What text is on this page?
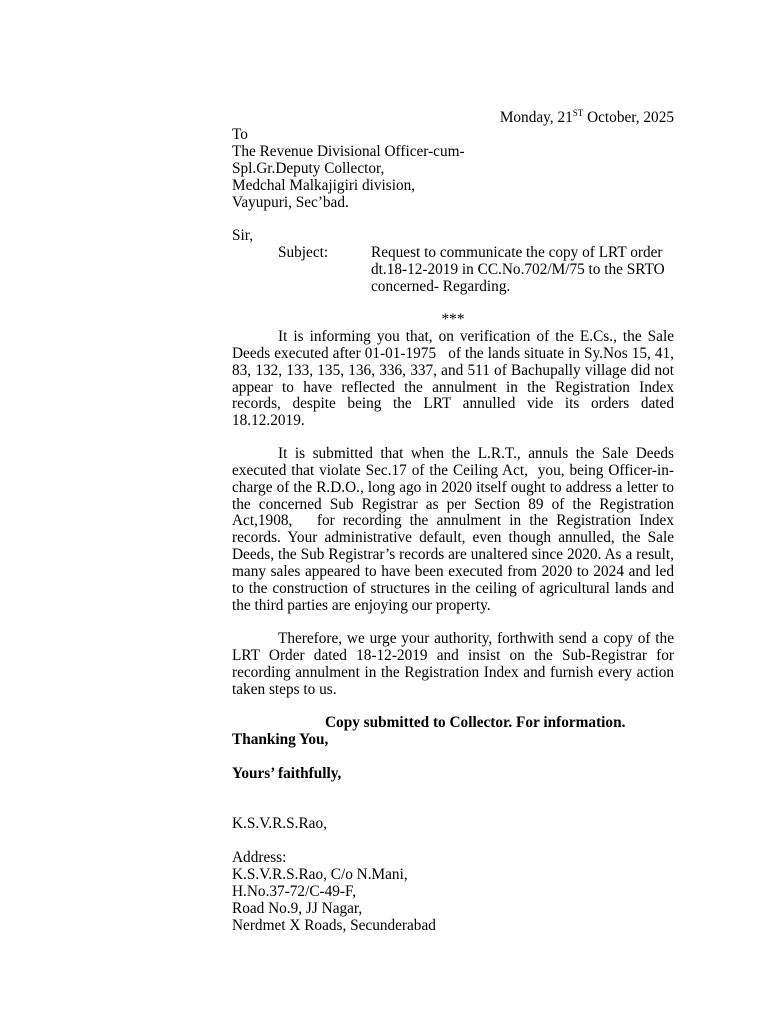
Monday, 21ST October, 2025
To
The Revenue Divisional Officer-cum-
Spl.Gr.Deputy Collector,
Medchal Malkajigiri division,
Vayupuri, Sec’bad.
Sir,
Subject:	Request to communicate the copy of LRT order dt.18-12-2019 in CC.No.702/M/75 to the SRTO concerned- Regarding.
***
It is informing you that, on verification of the E.Cs., the Sale Deeds executed after 01-01-1975   of the lands situate in Sy.Nos 15, 41, 83, 132, 133, 135, 136, 336, 337, and 511 of Bachupally village did not appear to have reflected the annulment in the Registration Index records, despite being the LRT annulled vide its orders dated 18.12.2019.
It is submitted that when the L.R.T., annuls the Sale Deeds executed that violate Sec.17 of the Ceiling Act,  you, being Officer-in-charge of the R.D.O., long ago in 2020 itself ought to address a letter to the concerned Sub Registrar as per Section 89 of the Registration Act,1908,   for recording the annulment in the Registration Index records. Your administrative default, even though annulled, the Sale Deeds, the Sub Registrar’s records are unaltered since 2020. As a result, many sales appeared to have been executed from 2020 to 2024 and led to the construction of structures in the ceiling of agricultural lands and the third parties are enjoying our property.
Therefore, we urge your authority, forthwith send a copy of the LRT Order dated 18-12-2019 and insist on the Sub-Registrar for recording annulment in the Registration Index and furnish every action taken steps to us.
Copy submitted to Collector. For information.
Thanking You,
Yours’ faithfully,
K.S.V.R.S.Rao,
Address:
K.S.V.R.S.Rao, C/o N.Mani,
H.No.37-72/C-49-F,
Road No.9, JJ Nagar,
Nerdmet X Roads, Secunderabad
